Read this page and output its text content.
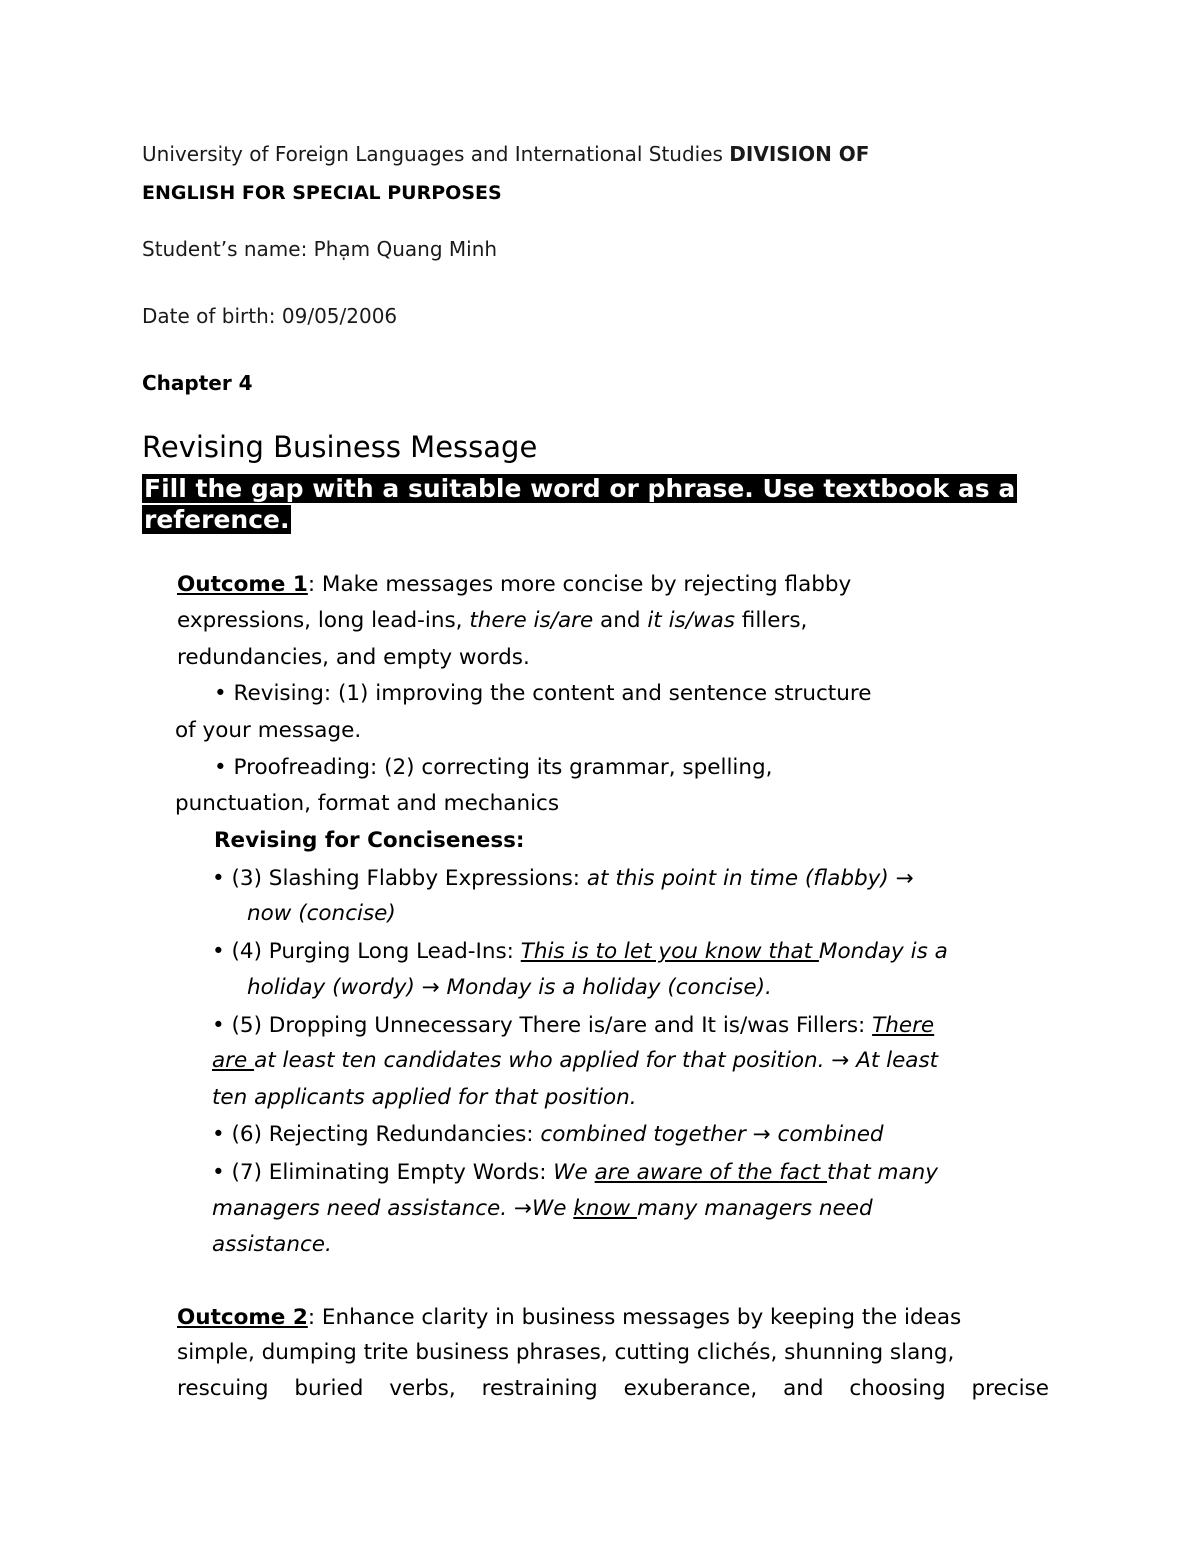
University of Foreign Languages and International Studies DIVISION OF
ENGLISH FOR SPECIAL PURPOSES
Student’s name: Phạm Quang Minh
Date of birth: 09/05/2006
Chapter 4
Revising Business Message
Fill the gap with a suitable word or phrase. Use textbook as a
reference.
Outcome 1: Make messages more concise by rejecting flabby
expressions, long lead-ins, there is/are and it is/was fillers,
redundancies, and empty words.
• Revising: (1) improving the content and sentence structure
of your message.
• Proofreading: (2) correcting its grammar, spelling,
punctuation, format and mechanics
Revising for Conciseness:
• (3) Slashing Flabby Expressions: at this point in time (flabby) →
now (concise)
• (4) Purging Long Lead-Ins: This is to let you know that Monday is a
holiday (wordy) → Monday is a holiday (concise).
• (5) Dropping Unnecessary There is/are and It is/was Fillers: There
are at least ten candidates who applied for that position. → At least
ten applicants applied for that position.
• (6) Rejecting Redundancies: combined together → combined
• (7) Eliminating Empty Words: We are aware of the fact that many
managers need assistance. →We know many managers need
assistance.
Outcome 2: Enhance clarity in business messages by keeping the ideas
simple, dumping trite business phrases, cutting clichés, shunning slang,
rescuing buried verbs, restraining exuberance, and choosing precise
